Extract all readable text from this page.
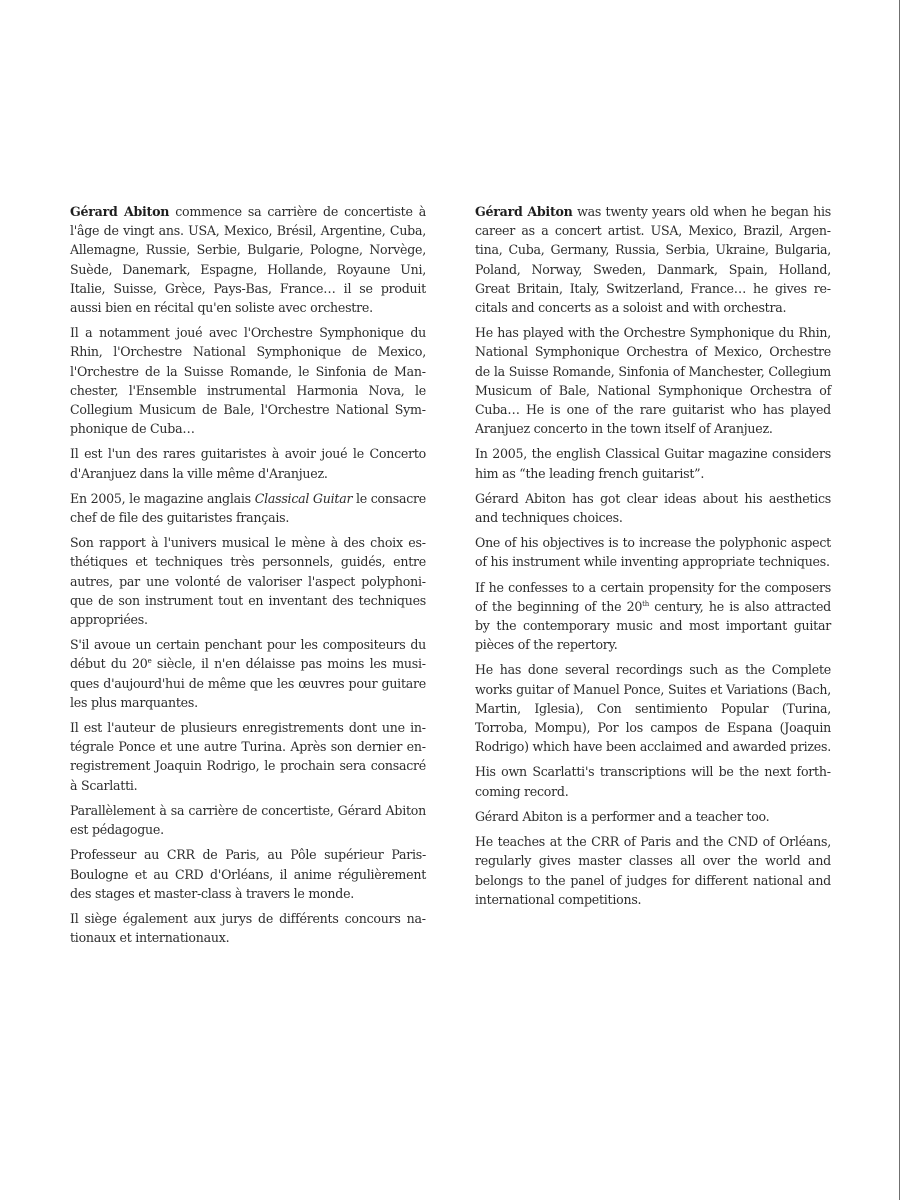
Gérard Abiton commence sa carrière de concertiste à l'âge de vingt ans. USA, Mexico, Brésil, Argentine, Cuba, Allemagne, Russie, Serbie, Bulgarie, Pologne, Norvège, Suède, Danemark, Espagne, Hollande, Royaune Uni, Italie, Suisse, Grèce, Pays-Bas, France… il se produit aussi bien en récital qu'en soliste avec orchestre.

Il a notamment joué avec l'Orchestre Symphonique du Rhin, l'Orchestre National Symphonique de Mexico, l'Orchestre de la Suisse Romande, le Sinfonia de Manchester, l'Ensemble instrumental Harmonia Nova, le Collegium Musicum de Bale, l'Orchestre National Symphonique de Cuba…

Il est l'un des rares guitaristes à avoir joué le Concerto d'Aranjuez dans la ville même d'Aranjuez.

En 2005, le magazine anglais Classical Guitar le consacre chef de file des guitaristes français.

Son rapport à l'univers musical le mène à des choix esthétiques et techniques très personnels, guidés, entre autres, par une volonté de valoriser l'aspect polyphonique de son instrument tout en inventant des techniques appropriées.

S'il avoue un certain penchant pour les compositeurs du début du 20e siècle, il n'en délaisse pas moins les musiques d'aujourd'hui de même que les œuvres pour guitare les plus marquantes.

Il est l'auteur de plusieurs enregistrements dont une intégrale Ponce et une autre Turina. Après son dernier enregistrement Joaquin Rodrigo, le prochain sera consacré à Scarlatti.

Parallèlement à sa carrière de concertiste, Gérard Abiton est pédagogue.

Professeur au CRR de Paris, au Pôle supérieur Paris-Boulogne et au CRD d'Orléans, il anime régulièrement des stages et master-class à travers le monde.

Il siège également aux jurys de différents concours nationaux et internationaux.

Gérard Abiton was twenty years old when he began his career as a concert artist. USA, Mexico, Brazil, Argentina, Cuba, Germany, Russia, Serbia, Ukraine, Bulgaria, Poland, Norway, Sweden, Danmark, Spain, Holland, Great Britain, Italy, Switzerland, France… he gives recitals and concerts as a soloist and with orchestra.

He has played with the Orchestre Symphonique du Rhin, National Symphonique Orchestra of Mexico, Orchestre de la Suisse Romande, Sinfonia of Manchester, Collegium Musicum of Bale, National Symphonique Orchestra of Cuba… He is one of the rare guitarist who has played Aranjuez concerto in the town itself of Aranjuez.

In 2005, the english Classical Guitar magazine considers him as “the leading french guitarist”.

Gérard Abiton has got clear ideas about his aesthetics and techniques choices.

One of his objectives is to increase the polyphonic aspect of his instrument while inventing appropriate techniques.

If he confesses to a certain propensity for the composers of the beginning of the 20th century, he is also attracted by the contemporary music and most important guitar pièces of the repertory.

He has done several recordings such as the Complete works guitar of Manuel Ponce, Suites et Variations (Bach, Martin, Iglesia), Con sentimiento Popular (Turina, Torroba, Mompu), Por los campos de Espana (Joaquin Rodrigo) which have been acclaimed and awarded prizes.

His own Scarlatti's transcriptions will be the next forthcoming record.

Gérard Abiton is a performer and a teacher too.

He teaches at the CRR of Paris and the CND of Orléans, regularly gives master classes all over the world and belongs to the panel of judges for different national and international competitions.
